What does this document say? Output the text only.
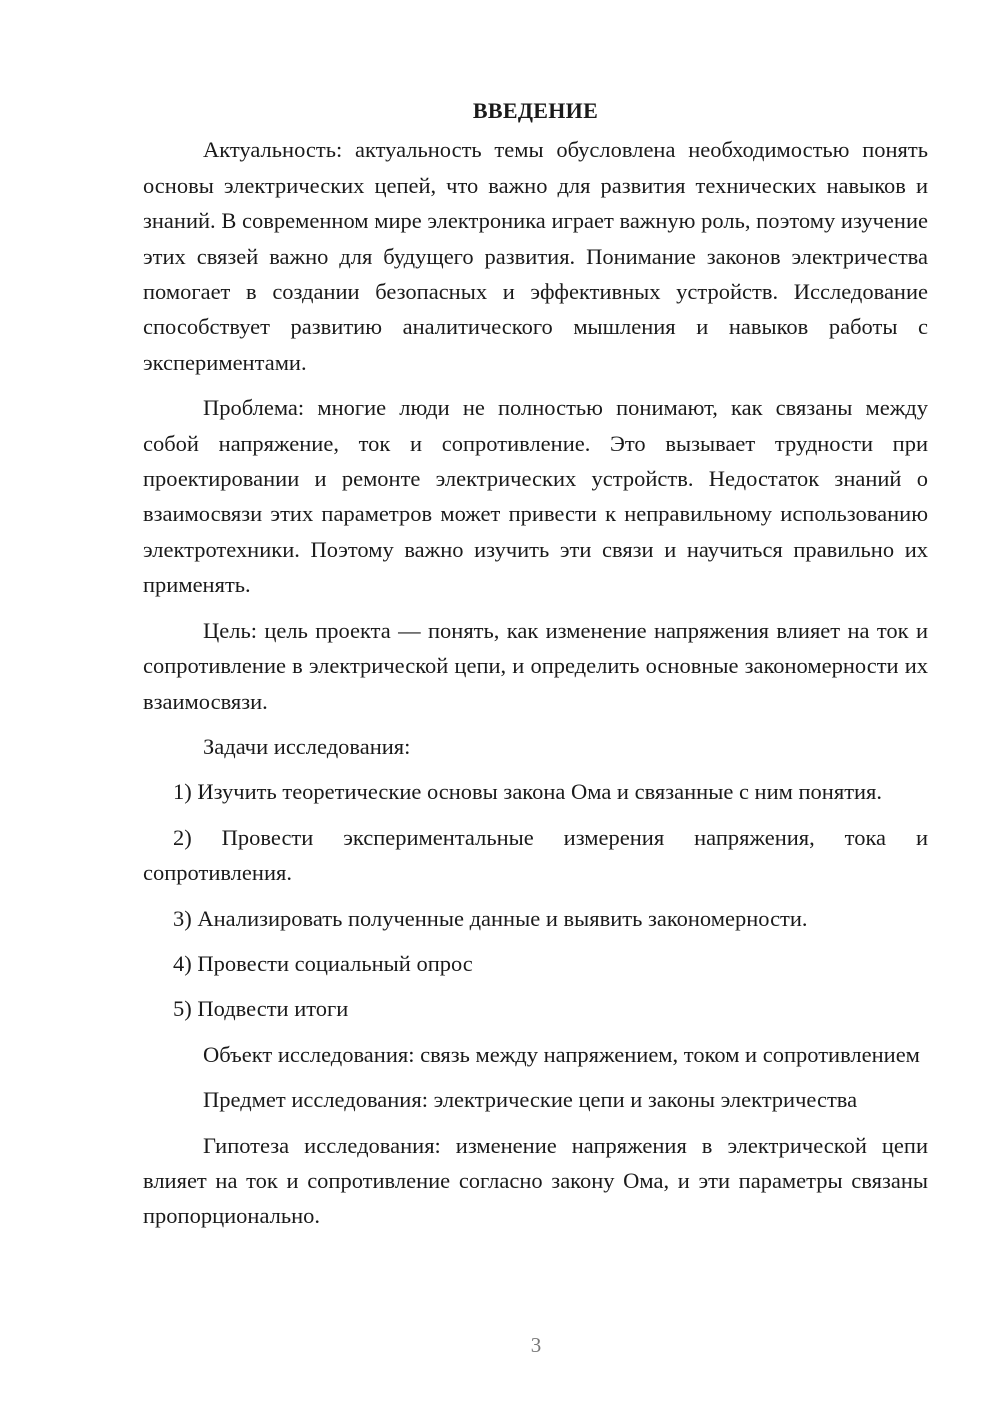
ВВЕДЕНИЕ

Актуальность: актуальность темы обусловлена необходимостью понять основы электрических цепей, что важно для развития технических навыков и знаний. В современном мире электроника играет важную роль, поэтому изучение этих связей важно для будущего развития. Понимание законов электричества помогает в создании безопасных и эффективных устройств. Исследование способствует развитию аналитического мышления и навыков работы с экспериментами.

Проблема: многие люди не полностью понимают, как связаны между собой напряжение, ток и сопротивление. Это вызывает трудности при проектировании и ремонте электрических устройств. Недостаток знаний о взаимосвязи этих параметров может привести к неправильному использованию электротехники. Поэтому важно изучить эти связи и научиться правильно их применять.

Цель: цель проекта — понять, как изменение напряжения влияет на ток и сопротивление в электрической цепи, и определить основные закономерности их взаимосвязи.

Задачи исследования:

1) Изучить теоретические основы закона Ома и связанные с ним понятия.

2) Провести экспериментальные измерения напряжения, тока и сопротивления.

3) Анализировать полученные данные и выявить закономерности.

4) Провести социальный опрос

5) Подвести итоги

Объект исследования: связь между напряжением, током и сопротивлением

Предмет исследования: электрические цепи и законы электричества

Гипотеза исследования: изменение напряжения в электрической цепи влияет на ток и сопротивление согласно закону Ома, и эти параметры связаны пропорционально.

3
